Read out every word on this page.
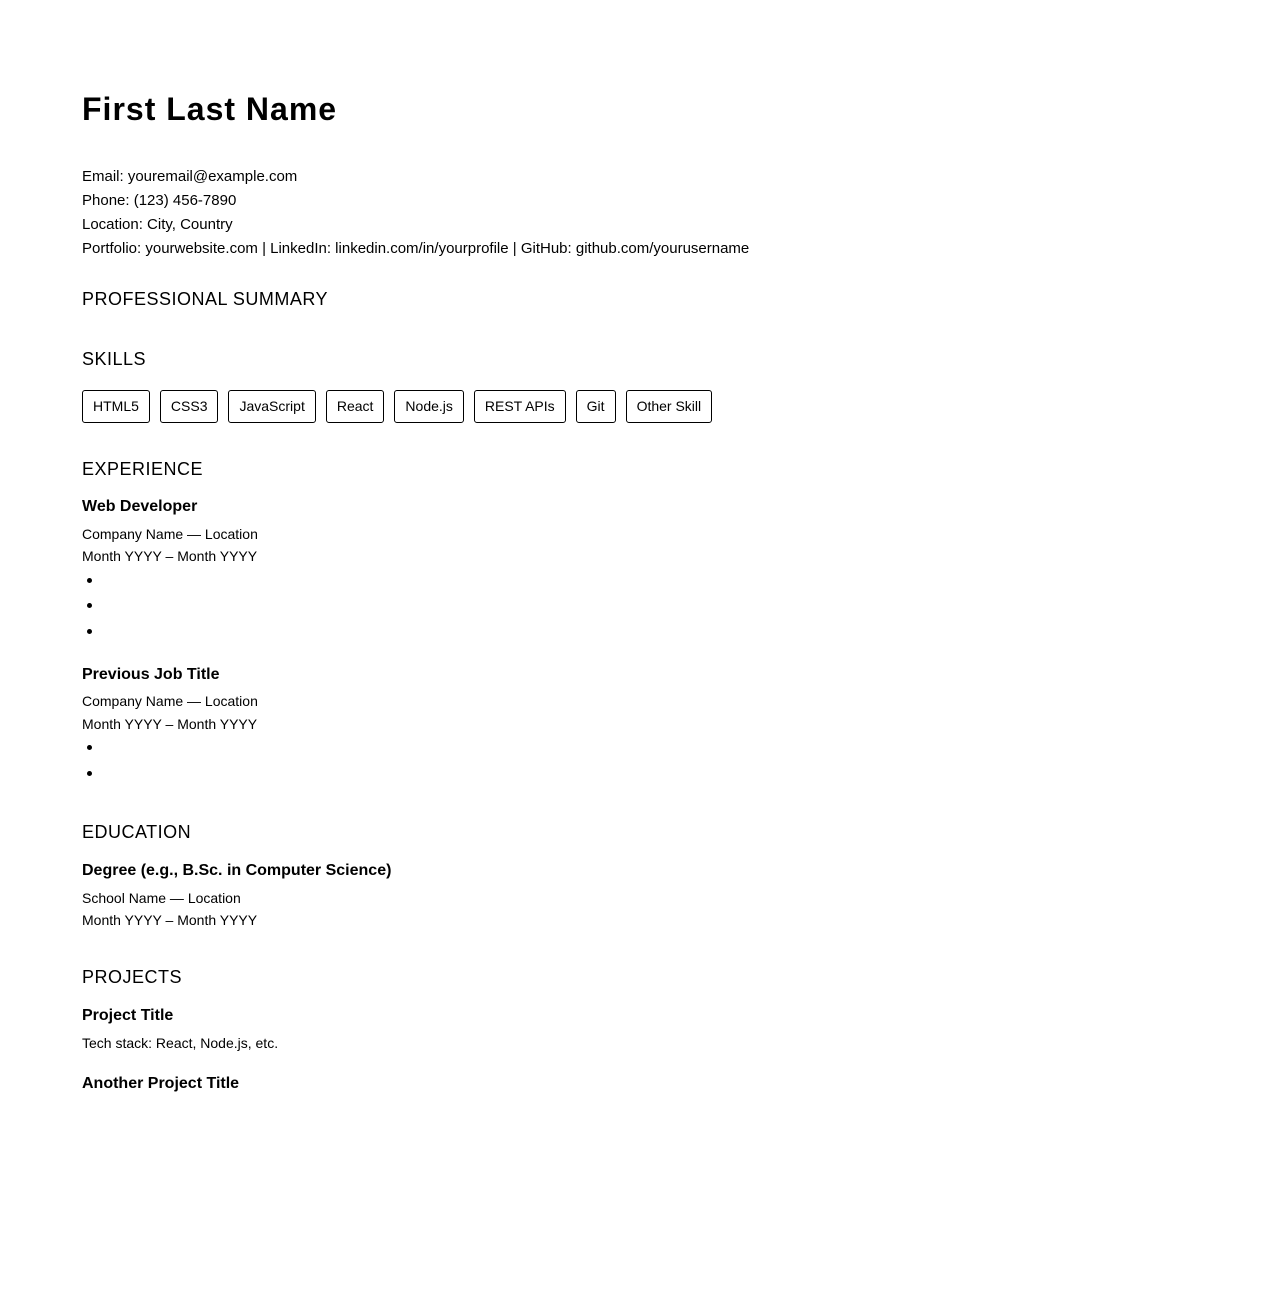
First Last Name
Email: youremail@example.com
Phone: (123) 456-7890
Location: City, Country
Portfolio: yourwebsite.com | LinkedIn: linkedin.com/in/yourprofile | GitHub: github.com/yourusername
PROFESSIONAL SUMMARY
SKILLS
HTML5	CSS3	JavaScript	React	Node.js	REST APIs	Git	Other Skill
EXPERIENCE
Web Developer
Company Name — Location
Month YYYY – Month YYYY
Previous Job Title
Company Name — Location
Month YYYY – Month YYYY
EDUCATION
Degree (e.g., B.Sc. in Computer Science)
School Name — Location
Month YYYY – Month YYYY
PROJECTS
Project Title
Tech stack: React, Node.js, etc.
Another Project Title
